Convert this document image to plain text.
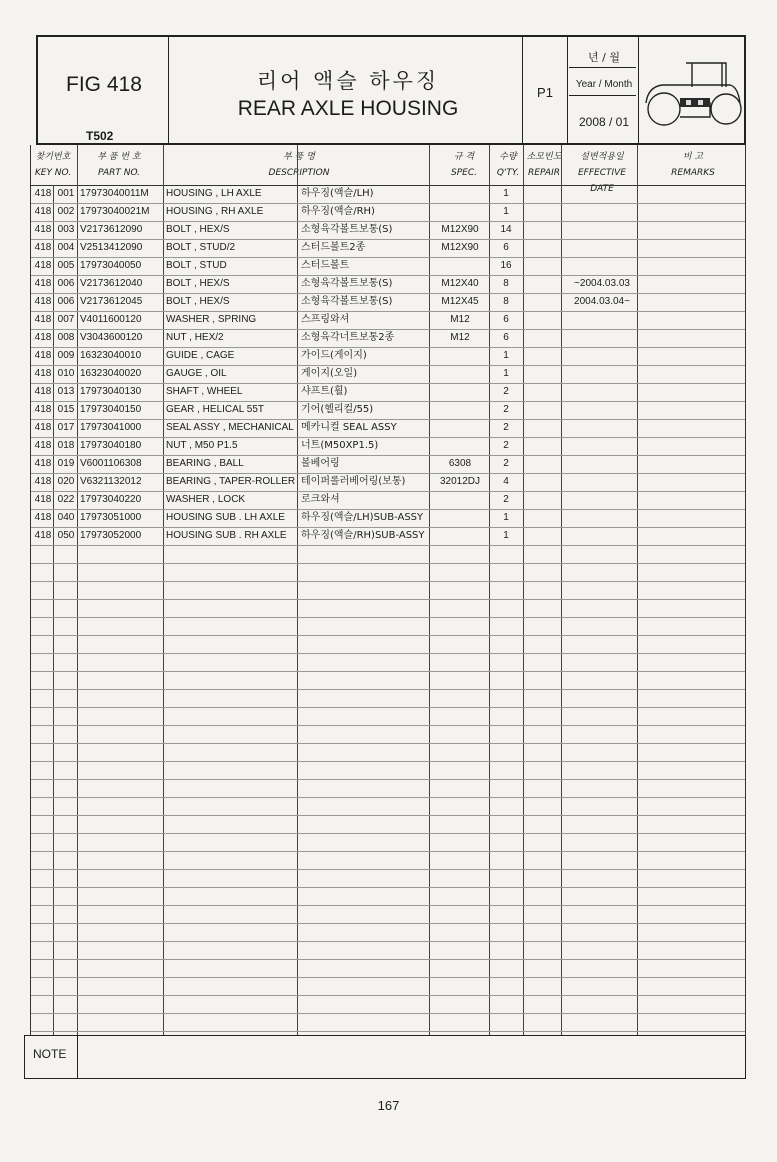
FIG 418
T502
리어 액슬 하우징
REAR AXLE HOUSING
P1
년 / 월
Year / Month
2008 / 01
찾기번호
KEY NO.
부 품 번 호
PART NO.
부 품 명
DESCRIPTION
규 격
SPEC.
수량
Q'TY.
소모빈도
REPAIR
설변적용일
EFFECTIVE DATE
비 고
REMARKS
418 001 17973040011M	HOUSING , LH AXLE	하우징(액슬/LH)	1
418 002 17973040021M	HOUSING , RH AXLE	하우징(액슬/RH)	1
418 003 V2173612090	BOLT , HEX/S	소형육각볼트보통(S)	M12X90	14
418 004 V2513412090	BOLT , STUD/2	스터드볼트2종	M12X90	6
418 005 17973040050	BOLT , STUD	스터드볼트	16
418 006 V2173612040	BOLT , HEX/S	소형육각볼트보통(S)	M12X40	8	~2004.03.03
418 006 V2173612045	BOLT , HEX/S	소형육각볼트보통(S)	M12X45	8	2004.03.04~
418 007 V4011600120	WASHER , SPRING	스프링와셔	M12	6
418 008 V3043600120	NUT , HEX/2	소형육각너트보통2종	M12	6
418 009 16323040010	GUIDE , CAGE	가이드(게이지)	1
418 010 16323040020	GAUGE , OIL	게이지(오일)	1
418 013 17973040130	SHAFT , WHEEL	샤프트(휠)	2
418 015 17973040150	GEAR , HELICAL 55T	기어(헬리컬/55)	2
418 017 17973041000	SEAL ASSY , MECHANICAL 메카니컬 SEAL ASSY	2
418 018 17973040180	NUT , M50 P1.5	너트(M50XP1.5)	2
418 019 V6001106308	BEARING , BALL	볼베어링	6308	2
418 020 V6321132012	BEARING , TAPER-ROLLER 테이퍼롤러베어링(보통)	32012DJ	4
418 022 17973040220	WASHER , LOCK	로크와셔	2
418 040 17973051000	HOUSING SUB . LH AXLE	하우징(액슬/LH)SUB-ASSY	1
418 050 17973052000	HOUSING SUB . RH AXLE	하우징(액슬/RH)SUB-ASSY	1
NOTE
167
